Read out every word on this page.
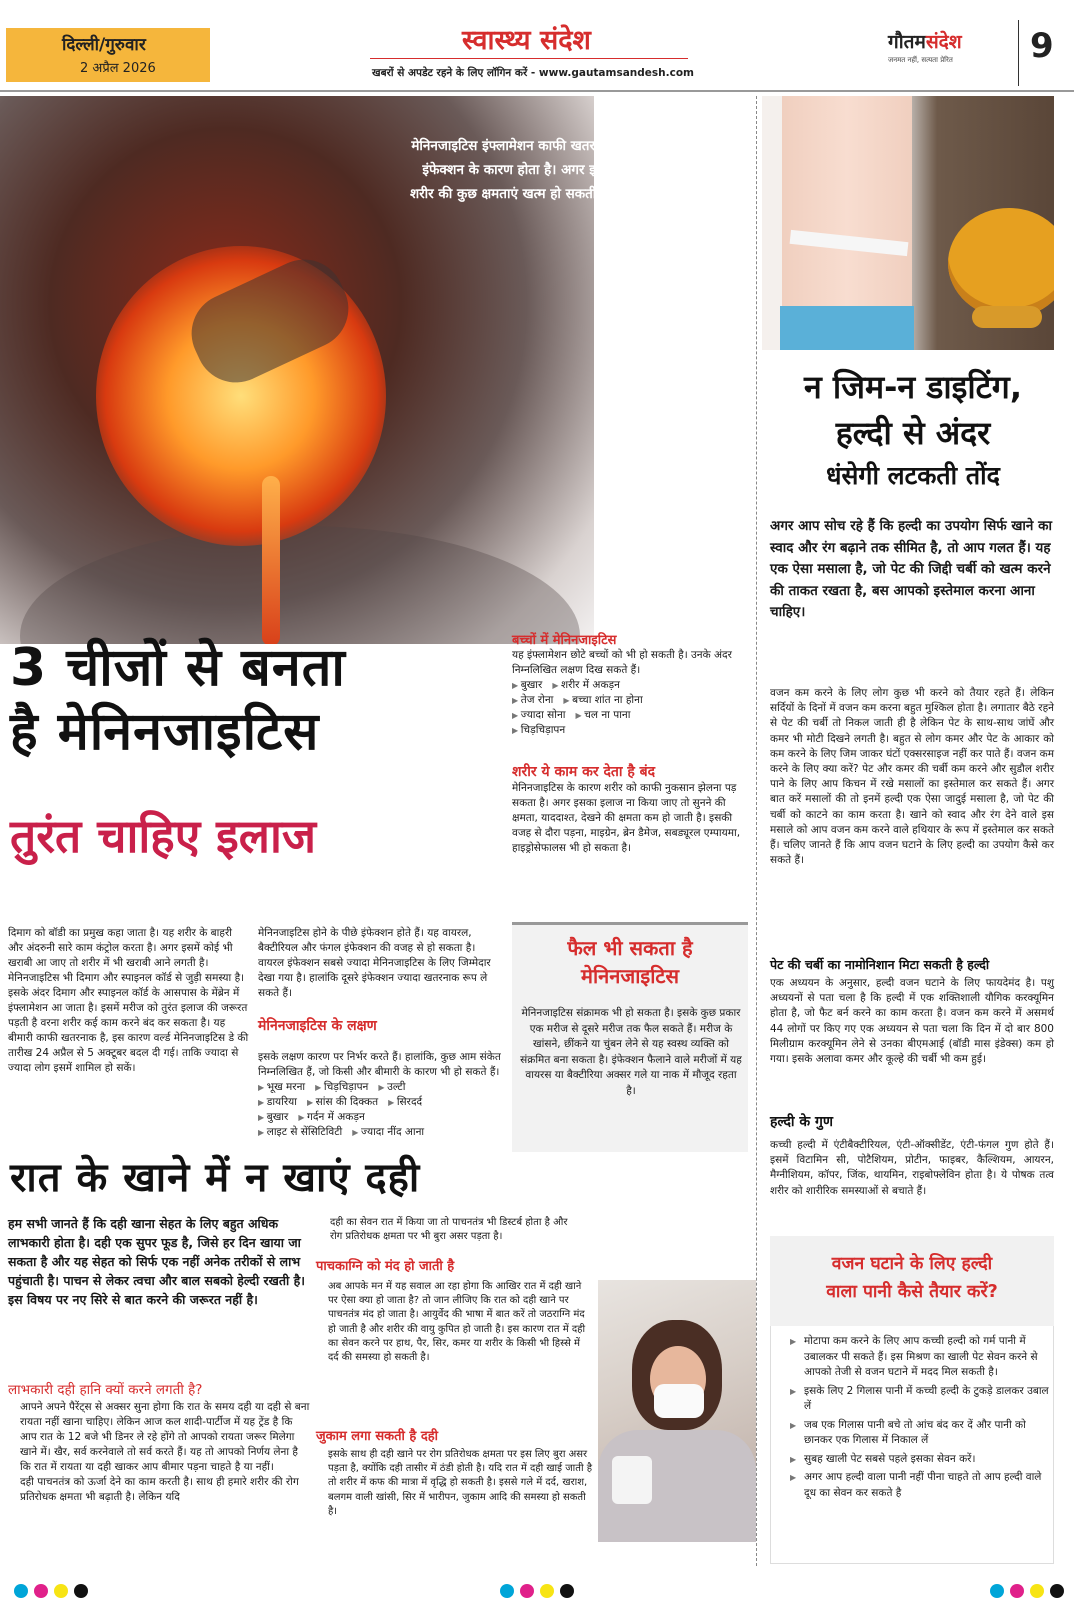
दिल्ली/गुरुवार
2 अप्रैल 2026
स्वास्थ्य संदेश
खबरों से अपडेट रहने के लिए लॉगिन करें - www.gautamsandesh.com
गौतमसंदेश
जनमत नहीं, सत्यता प्रेरित 9
मेनिनजाइटिस इंफ्लामेशन काफी खतरनाक साबित हो सकती है। यह इंफेक्शन के कारण होता है। अगर इसका इलाज ना किया जाए तो शरीर की कुछ क्षमताएं खत्म हो सकती हैं। इसलिए इसके लक्षणों को कभी नजरअंदाज ना करें।
3 चीजों से बनता
है मेनिनजाइटिस
तुरंत चाहिए इलाज
बच्चों में मेनिनजाइटिस
यह इंफ्लामेशन छोटे बच्चों को भी हो सकती है। उनके अंदर निम्नलिखित लक्षण दिख सकते हैं।
▶ बुखार ▶ शरीर में अकड़न
▶ तेज रोना ▶ बच्चा शांत ना होना
▶ ज्यादा सोना ▶ चल ना पाना
▶ चिड़चिड़ापन
शरीर ये काम कर देता है बंद
मेनिनजाइटिस के कारण शरीर को काफी नुकसान झेलना पड़ सकता है। अगर इसका इलाज ना किया जाए तो सुनने की क्षमता, याददाश्त, देखने की क्षमता कम हो जाती है। इसकी वजह से दौरा पड़ना, माइग्रेन, ब्रेन डैमेज, सबड्यूरल एम्पायमा, हाइड्रोसेफालस भी हो सकता है।
फैल भी सकता है
मेनिनजाइटिस
मेनिनजाइटिस संक्रामक भी हो सकता है। इसके कुछ प्रकार एक मरीज से दूसरे मरीज तक फैल सकते हैं। मरीज के खांसने, छींकने या चुंबन लेने से यह स्वस्थ व्यक्ति को संक्रमित बना सकता है। इंफेक्शन फैलाने वाले मरीजों में यह वायरस या बैक्टीरिया अक्सर गले या नाक में मौजूद रहता है।
दिमाग को बॉडी का प्रमुख कहा जाता है। यह शरीर के बाहरी और अंदरुनी सारे काम कंट्रोल करता है। अगर इसमें कोई भी खराबी आ जाए तो शरीर में भी खराबी आने लगती है। मेनिनजाइटिस भी दिमाग और स्पाइनल कॉर्ड से जुड़ी समस्या है। इसके अंदर दिमाग और स्पाइनल कॉर्ड के आसपास के मेंब्रेन में इंफ्लामेशन आ जाता है। इसमें मरीज को तुरंत इलाज की जरूरत पड़ती है वरना शरीर कई काम करने बंद कर सकता है। यह बीमारी काफी खतरनाक है, इस कारण वर्ल्ड मेनिनजाइटिस डे की तारीख 24 अप्रैल से 5 अक्टूबर बदल दी गई। ताकि ज्यादा से ज्यादा लोग इसमें शामिल हो सकें।
मेनिनजाइटिस होने के पीछे इंफेक्शन होते हैं। यह वायरल, बैक्टीरियल और फंगल इंफेक्शन की वजह से हो सकता है। वायरल इंफेक्शन सबसे ज्यादा मेनिनजाइटिस के लिए जिम्मेदार देखा गया है। हालांकि दूसरे इंफेक्शन ज्यादा खतरनाक रूप ले सकते हैं।
मेनिनजाइटिस के लक्षण
इसके लक्षण कारण पर निर्भर करते हैं। हालांकि, कुछ आम संकेत निम्नलिखित हैं, जो किसी और बीमारी के कारण भी हो सकते हैं।
▶ भूख मरना ▶ चिड़चिड़ापन ▶ उल्टी
▶ डायरिया ▶ सांस की दिक्कत ▶ सिरदर्द
▶ बुखार ▶ गर्दन में अकड़न
▶ लाइट से सेंसिटिविटी ▶ ज्यादा नींद आना
रात के खाने में न खाएं दही
हम सभी जानते हैं कि दही खाना सेहत के लिए बहुत अधिक लाभकारी होता है। दही एक सुपर फूड है, जिसे हर दिन खाया जा सकता है और यह सेहत को सिर्फ एक नहीं अनेक तरीकों से लाभ पहुंचाती है। पाचन से लेकर त्वचा और बाल सबको हेल्दी रखती है। इस विषय पर नए सिरे से बात करने की जरूरत नहीं है।
लाभकारी दही हानि क्यों करने लगती है?
आपने अपने पैरेंट्स से अक्सर सुना होगा कि रात के समय दही या दही से बना रायता नहीं खाना चाहिए। लेकिन आज कल शादी-पार्टीज में यह ट्रेंड है कि आप रात के 12 बजे भी डिनर ले रहे होंगे तो आपको रायता जरूर मिलेगा खाने में। खैर, सर्व करनेवाले तो सर्व करते हैं। यह तो आपको निर्णय लेना है कि रात में रायता या दही खाकर आप बीमार पड़ना चाहते है या नहीं।
दही पाचनतंत्र को ऊर्जा देने का काम करती है। साथ ही हमारे शरीर की रोग प्रतिरोधक क्षमता भी बढ़ाती है। लेकिन यदि
दही का सेवन रात में किया जा तो पाचनतंत्र भी डिस्टर्ब होता है और रोग प्रतिरोधक क्षमता पर भी बुरा असर पड़ता है।
पाचकाग्नि को मंद हो जाती है
अब आपके मन में यह सवाल आ रहा होगा कि आखिर रात में दही खाने पर ऐसा क्या हो जाता है? तो जान लीजिए कि रात को दही खाने पर पाचनतंत्र मंद हो जाता है। आयुर्वेद की भाषा में बात करें तो जठराग्नि मंद हो जाती है और शरीर की वायु कुपित हो जाती है। इस कारण रात में दही का सेवन करने पर हाथ, पैर, सिर, कमर या शरीर के किसी भी हिस्से में दर्द की समस्या हो सकती है।
जुकाम लगा सकती है दही
इसके साथ ही दही खाने पर रोग प्रतिरोधक क्षमता पर इस लिए बुरा असर पड़ता है, क्योंकि दही तासीर में ठंडी होती है। यदि रात में दही खाई जाती है तो शरीर में कफ की मात्रा में वृद्धि हो सकती है। इससे गले में दर्द, खराश, बलगम वाली खांसी, सिर में भारीपन, जुकाम आदि की समस्या हो सकती है।
न जिम-न डाइटिंग,
हल्दी से अंदर
धंसेगी लटकती तोंद
अगर आप सोच रहे हैं कि हल्दी का उपयोग सिर्फ खाने का स्वाद और रंग बढ़ाने तक सीमित है, तो आप गलत हैं। यह एक ऐसा मसाला है, जो पेट की जिद्दी चर्बी को खत्म करने की ताकत रखता है, बस आपको इस्तेमाल करना आना चाहिए।
वजन कम करने के लिए लोग कुछ भी करने को तैयार रहते हैं। लेकिन सर्दियों के दिनों में वजन कम करना बहुत मुश्किल होता है। लगातार बैठे रहने से पेट की चर्बी तो निकल जाती ही है लेकिन पेट के साथ-साथ जांघें और कमर भी मोटी दिखने लगती है। बहुत से लोग कमर और पेट के आकार को कम करने के लिए जिम जाकर घंटों एक्सरसाइज नहीं कर पाते हैं। वजन कम करने के लिए क्या करें? पेट और कमर की चर्बी कम करने और सुडौल शरीर पाने के लिए आप किचन में रखे मसालों का इस्तेमाल कर सकते हैं। अगर बात करें मसालों की तो इनमें हल्दी एक ऐसा जादुई मसाला है, जो पेट की चर्बी को काटने का काम करता है। खाने को स्वाद और रंग देने वाले इस मसाले को आप वजन कम करने वाले हथियार के रूप में इस्तेमाल कर सकते हैं। चलिए जानते हैं कि आप वजन घटाने के लिए हल्दी का उपयोग कैसे कर सकते हैं।
पेट की चर्बी का नामोनिशान मिटा सकती है हल्दी
एक अध्ययन के अनुसार, हल्दी वजन घटाने के लिए फायदेमंद है। पशु अध्ययनों से पता चला है कि हल्दी में एक शक्तिशाली यौगिक करक्यूमिन होता है, जो फैट बर्न करने का काम करता है। वजन कम करने में असमर्थ 44 लोगों पर किए गए एक अध्ययन से पता चला कि दिन में दो बार 800 मिलीग्राम करक्यूमिन लेने से उनका बीएमआई (बॉडी मास इंडेक्स) कम हो गया। इसके अलावा कमर और कूल्हे की चर्बी भी कम हुई।
हल्दी के गुण
कच्ची हल्दी में एंटीबैक्टीरियल, एंटी-ऑक्सीडेंट, एंटी-फंगल गुण होते हैं। इसमें विटामिन सी, पोटैशियम, प्रोटीन, फाइबर, कैल्शियम, आयरन, मैग्नीशियम, कॉपर, जिंक, थायमिन, राइबोफ्लेविन होता है। ये पोषक तत्व शरीर को शारीरिक समस्याओं से बचाते हैं।
वजन घटाने के लिए हल्दी
वाला पानी कैसे तैयार करें?
▶ मोटापा कम करने के लिए आप कच्ची हल्दी को गर्म पानी में उबालकर पी सकते हैं। इस मिश्रण का खाली पेट सेवन करने से आपको तेजी से वजन घटाने में मदद मिल सकती है।
▶ इसके लिए 2 गिलास पानी में कच्ची हल्दी के टुकड़े डालकर उबाल लें
▶ जब एक गिलास पानी बचे तो आंच बंद कर दें और पानी को छानकर एक गिलास में निकाल लें
▶ सुबह खाली पेट सबसे पहले इसका सेवन करें।
▶ अगर आप हल्दी वाला पानी नहीं पीना चाहते तो आप हल्दी वाले दूध का सेवन कर सकते है
